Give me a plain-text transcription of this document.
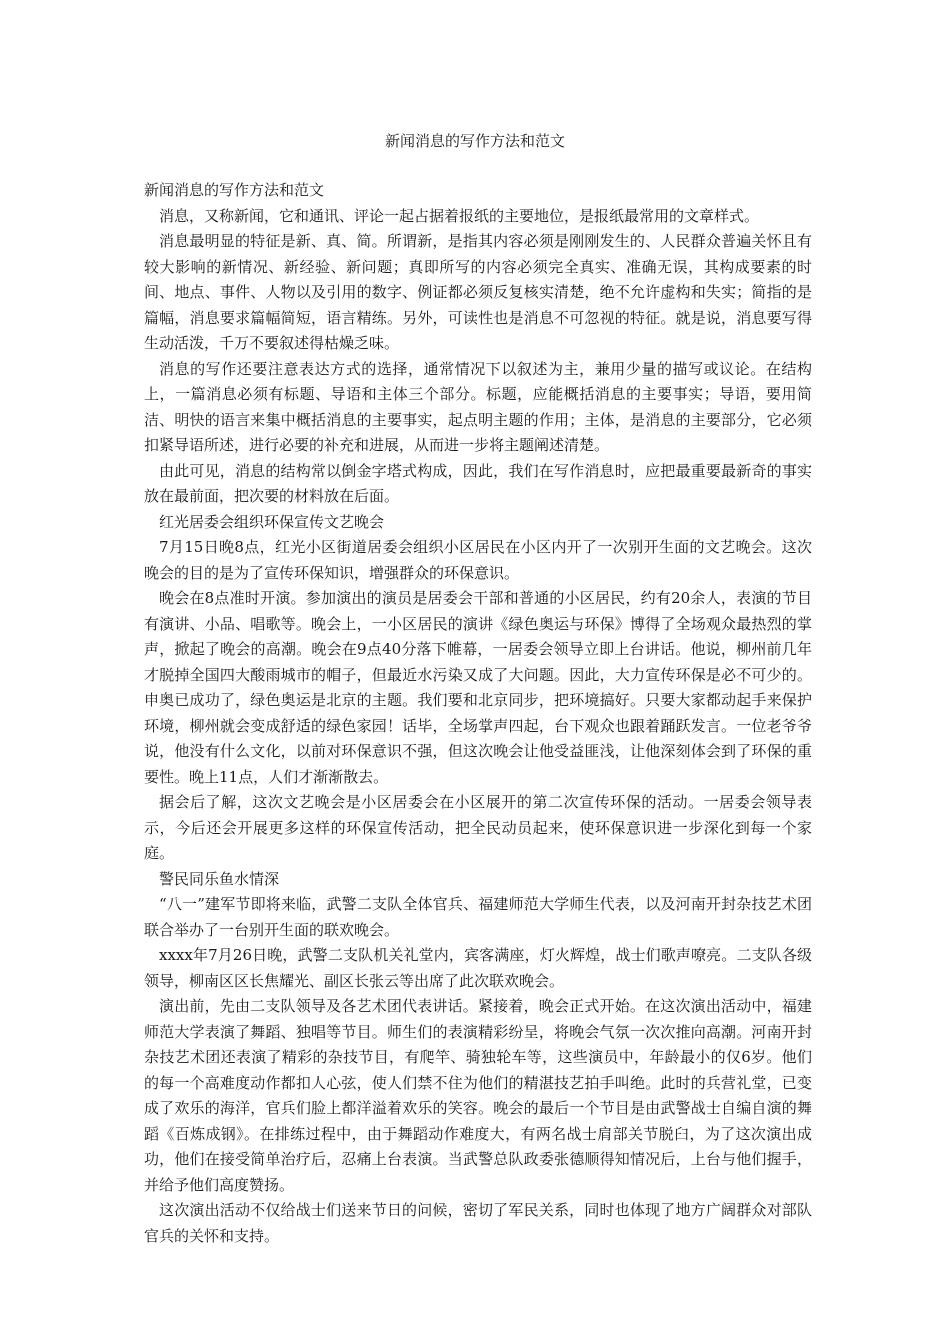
新闻消息的写作方法和范文

新闻消息的写作方法和范文

消息，又称新闻，它和通讯、评论一起占据着报纸的主要地位，是报纸最常用的文章样式。

消息最明显的特征是新、真、简。所谓新，是指其内容必须是刚刚发生的、人民群众普遍关怀且有较大影响的新情况、新经验、新问题；真即所写的内容必须完全真实、准确无误，其构成要素的时间、地点、事件、人物以及引用的数字、例证都必须反复核实清楚，绝不允许虚构和失实；简指的是篇幅，消息要求篇幅简短，语言精练。另外，可读性也是消息不可忽视的特征。就是说，消息要写得生动活泼，千万不要叙述得枯燥乏味。

消息的写作还要注意表达方式的选择，通常情况下以叙述为主，兼用少量的描写或议论。在结构上，一篇消息必须有标题、导语和主体三个部分。标题，应能概括消息的主要事实；导语，要用简洁、明快的语言来集中概括消息的主要事实，起点明主题的作用；主体，是消息的主要部分，它必须扣紧导语所述，进行必要的补充和进展，从而进一步将主题阐述清楚。

由此可见，消息的结构常以倒金字塔式构成，因此，我们在写作消息时，应把最重要最新奇的事实放在最前面，把次要的材料放在后面。

红光居委会组织环保宣传文艺晚会

7月15日晚8点，红光小区街道居委会组织小区居民在小区内开了一次别开生面的文艺晚会。这次晚会的目的是为了宣传环保知识，增强群众的环保意识。

晚会在8点准时开演。参加演出的演员是居委会干部和普通的小区居民，约有20余人，表演的节目有演讲、小品、唱歌等。晚会上，一小区居民的演讲《绿色奥运与环保》博得了全场观众最热烈的掌声，掀起了晚会的高潮。晚会在9点40分落下帷幕，一居委会领导立即上台讲话。他说，柳州前几年才脱掉全国四大酸雨城市的帽子，但最近水污染又成了大问题。因此，大力宣传环保是必不可少的。申奥已成功了，绿色奥运是北京的主题。我们要和北京同步，把环境搞好。只要大家都动起手来保护环境，柳州就会变成舒适的绿色家园！话毕，全场掌声四起，台下观众也跟着踊跃发言。一位老爷爷说，他没有什么文化，以前对环保意识不强，但这次晚会让他受益匪浅，让他深刻体会到了环保的重要性。晚上11点，人们才渐渐散去。

据会后了解，这次文艺晚会是小区居委会在小区展开的第二次宣传环保的活动。一居委会领导表示，今后还会开展更多这样的环保宣传活动，把全民动员起来，使环保意识进一步深化到每一个家庭。

警民同乐鱼水情深

“八一”建军节即将来临，武警二支队全体官兵、福建师范大学师生代表，以及河南开封杂技艺术团联合举办了一台别开生面的联欢晚会。

xxxx年7月26日晚，武警二支队机关礼堂内，宾客满座，灯火辉煌，战士们歌声嘹亮。二支队各级领导，柳南区区长焦耀光、副区长张云等出席了此次联欢晚会。

演出前，先由二支队领导及各艺术团代表讲话。紧接着，晚会正式开始。在这次演出活动中，福建师范大学表演了舞蹈、独唱等节目。师生们的表演精彩纷呈，将晚会气氛一次次推向高潮。河南开封杂技艺术团还表演了精彩的杂技节目，有爬竿、骑独轮车等，这些演员中，年龄最小的仅6岁。他们的每一个高难度动作都扣人心弦，使人们禁不住为他们的精湛技艺拍手叫绝。此时的兵营礼堂，已变成了欢乐的海洋，官兵们脸上都洋溢着欢乐的笑容。晚会的最后一个节目是由武警战士自编自演的舞蹈《百炼成钢》。在排练过程中，由于舞蹈动作难度大，有两名战士肩部关节脱臼，为了这次演出成功，他们在接受简单治疗后，忍痛上台表演。当武警总队政委张德顺得知情况后，上台与他们握手，并给予他们高度赞扬。

这次演出活动不仅给战士们送来节日的问候，密切了军民关系，同时也体现了地方广阔群众对部队官兵的关怀和支持。
